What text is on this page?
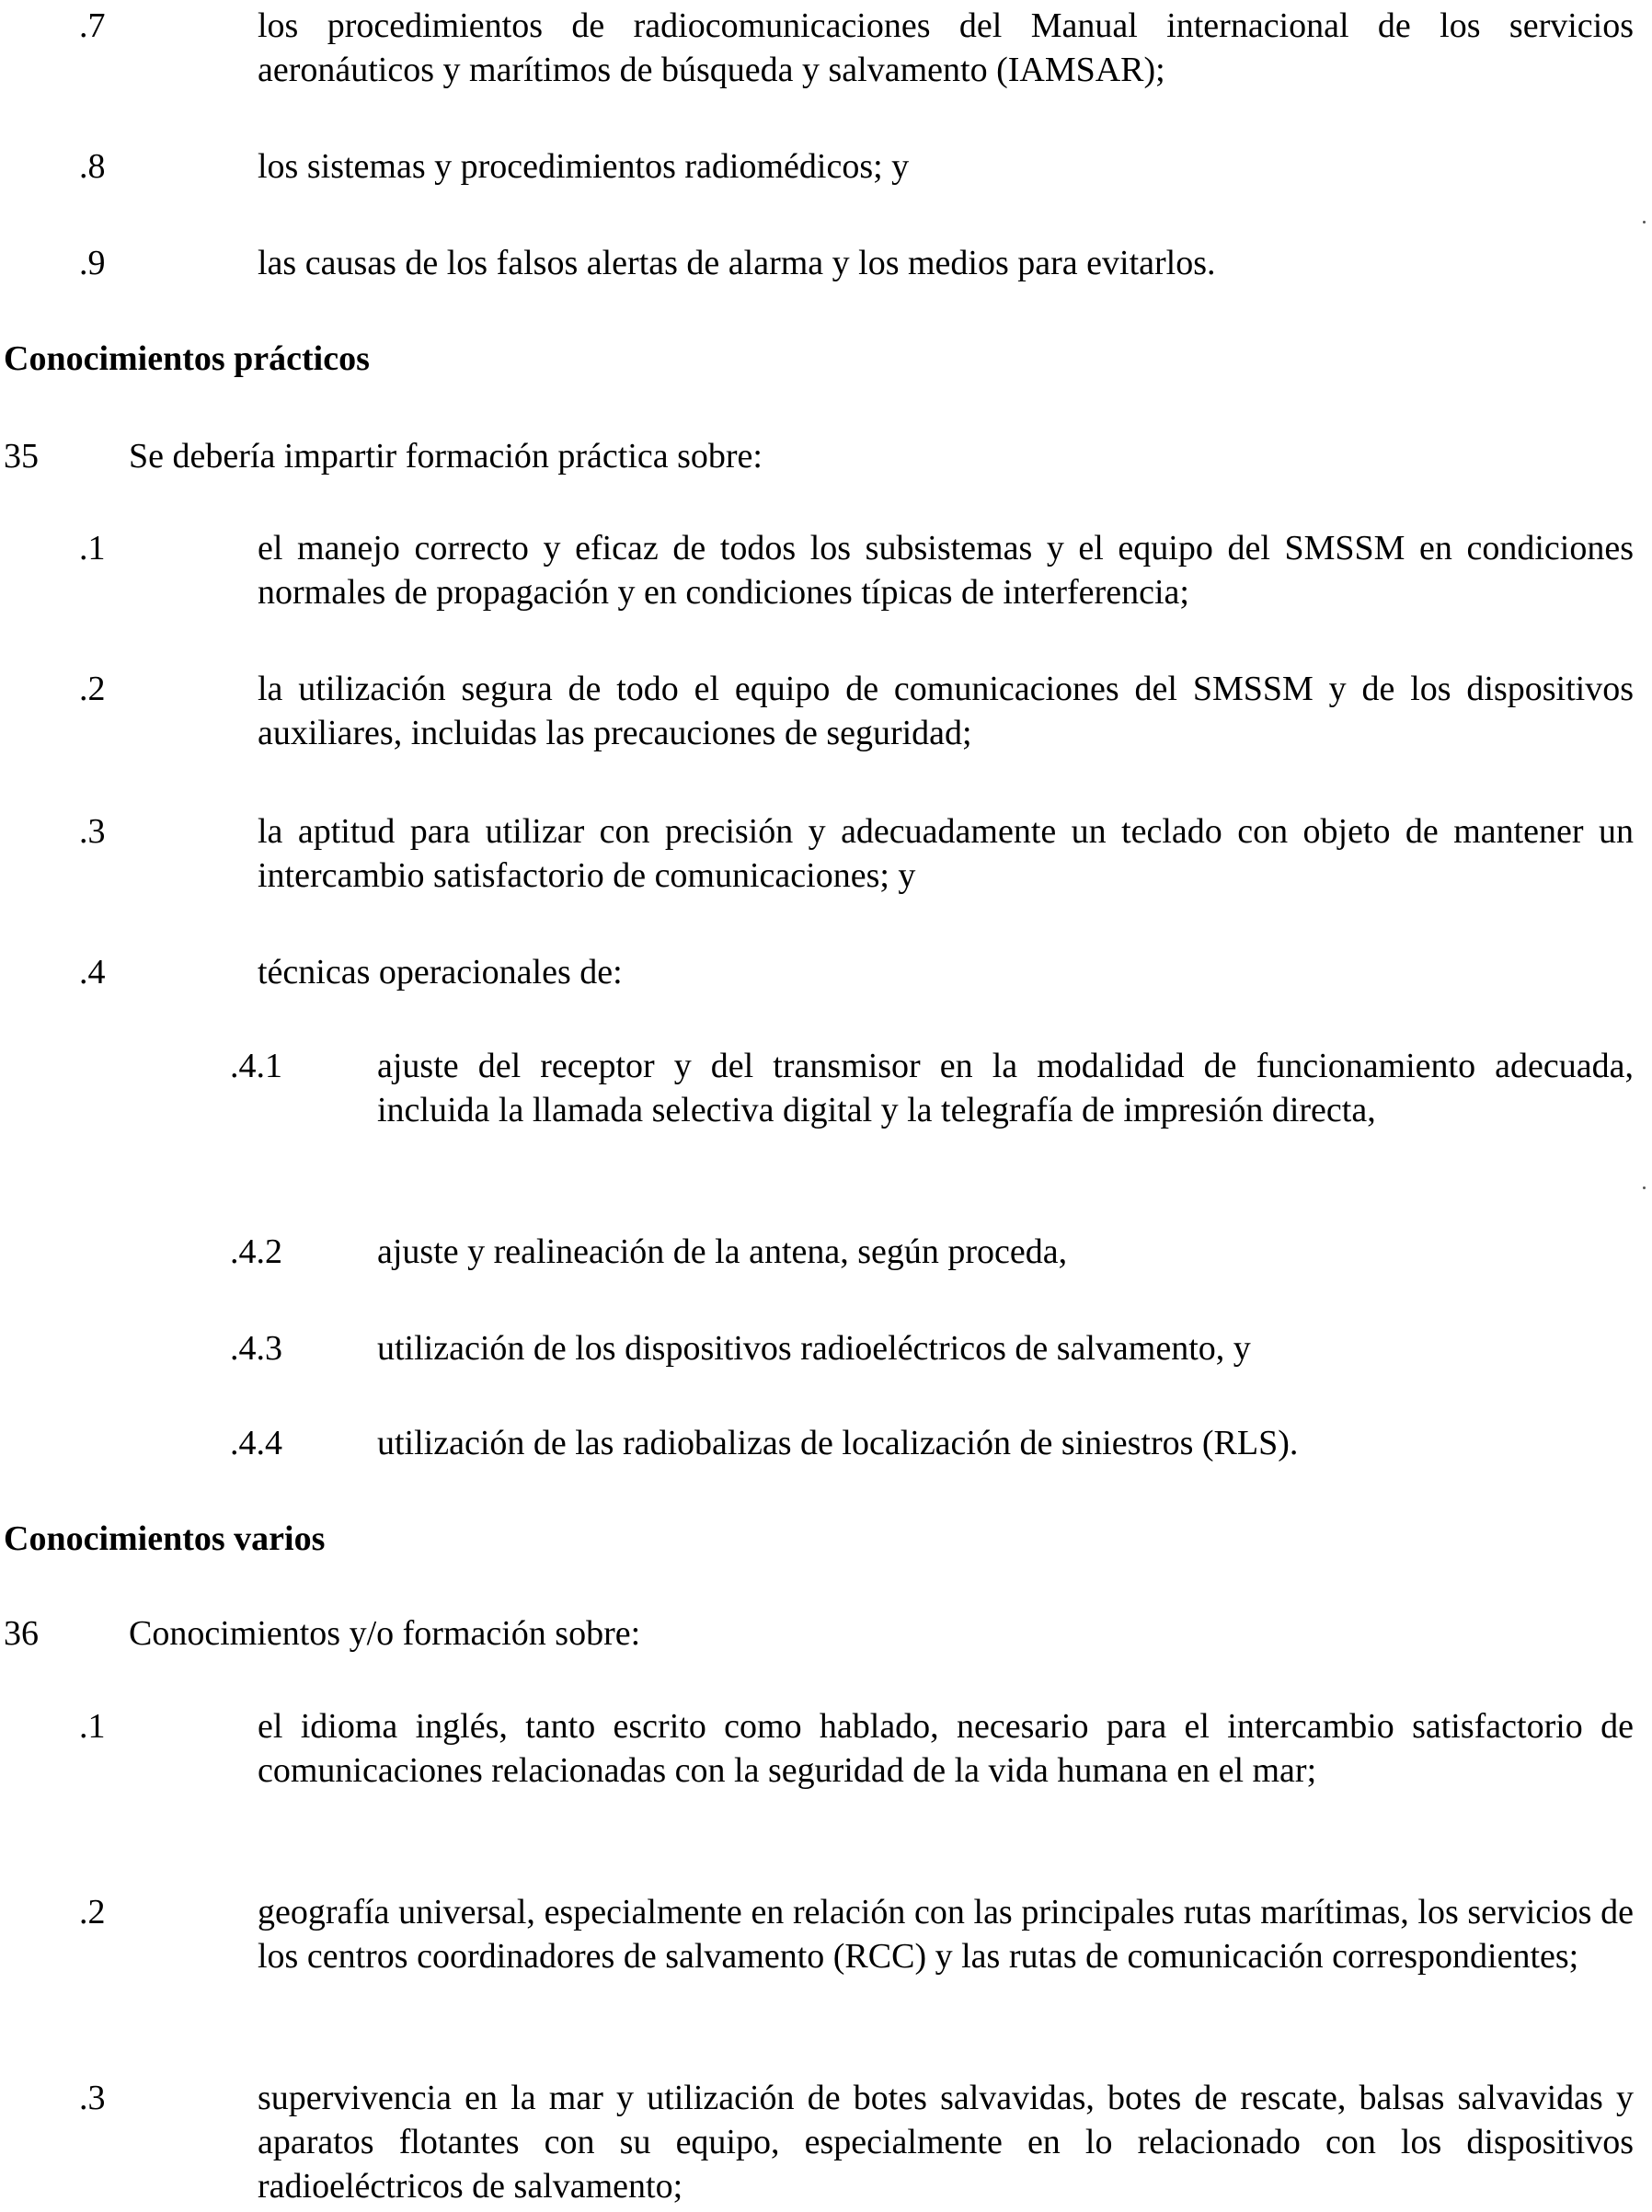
.7	los procedimientos de radiocomunicaciones del Manual internacional de los servicios aeronáuticos y marítimos de búsqueda y salvamento (IAMSAR);
.8	los sistemas y procedimientos radiomédicos; y
.9	las causas de los falsos alertas de alarma y los medios para evitarlos.
Conocimientos prácticos
35	Se debería impartir formación práctica sobre:
.1	el manejo correcto y eficaz de todos los subsistemas y el equipo del SMSSM en condiciones normales de propagación y en condiciones típicas de interferencia;
.2	la utilización segura de todo el equipo de comunicaciones del SMSSM y de los dispositivos auxiliares, incluidas las precauciones de seguridad;
.3	la aptitud para utilizar con precisión y adecuadamente un teclado con objeto de mantener un intercambio satisfactorio de comunicaciones; y
.4	técnicas operacionales de:
.4.1	ajuste del receptor y del transmisor en la modalidad de funcionamiento adecuada, incluida la llamada selectiva digital y la telegrafía de impresión directa,
.4.2	ajuste y realineación de la antena, según proceda,
.4.3	utilización de los dispositivos radioeléctricos de salvamento, y
.4.4	utilización de las radiobalizas de localización de siniestros (RLS).
Conocimientos varios
36	Conocimientos y/o formación sobre:
.1	el idioma inglés, tanto escrito como hablado, necesario para el intercambio satisfactorio de comunicaciones relacionadas con la seguridad de la vida humana en el mar;
.2	geografía universal, especialmente en relación con las principales rutas marítimas, los servicios de los centros coordinadores de salvamento (RCC) y las rutas de comunicación correspondientes;
.3	supervivencia en la mar y utilización de botes salvavidas, botes de rescate, balsas salvavidas y aparatos flotantes con su equipo, especialmente en lo relacionado con los dispositivos radioeléctricos de salvamento;
